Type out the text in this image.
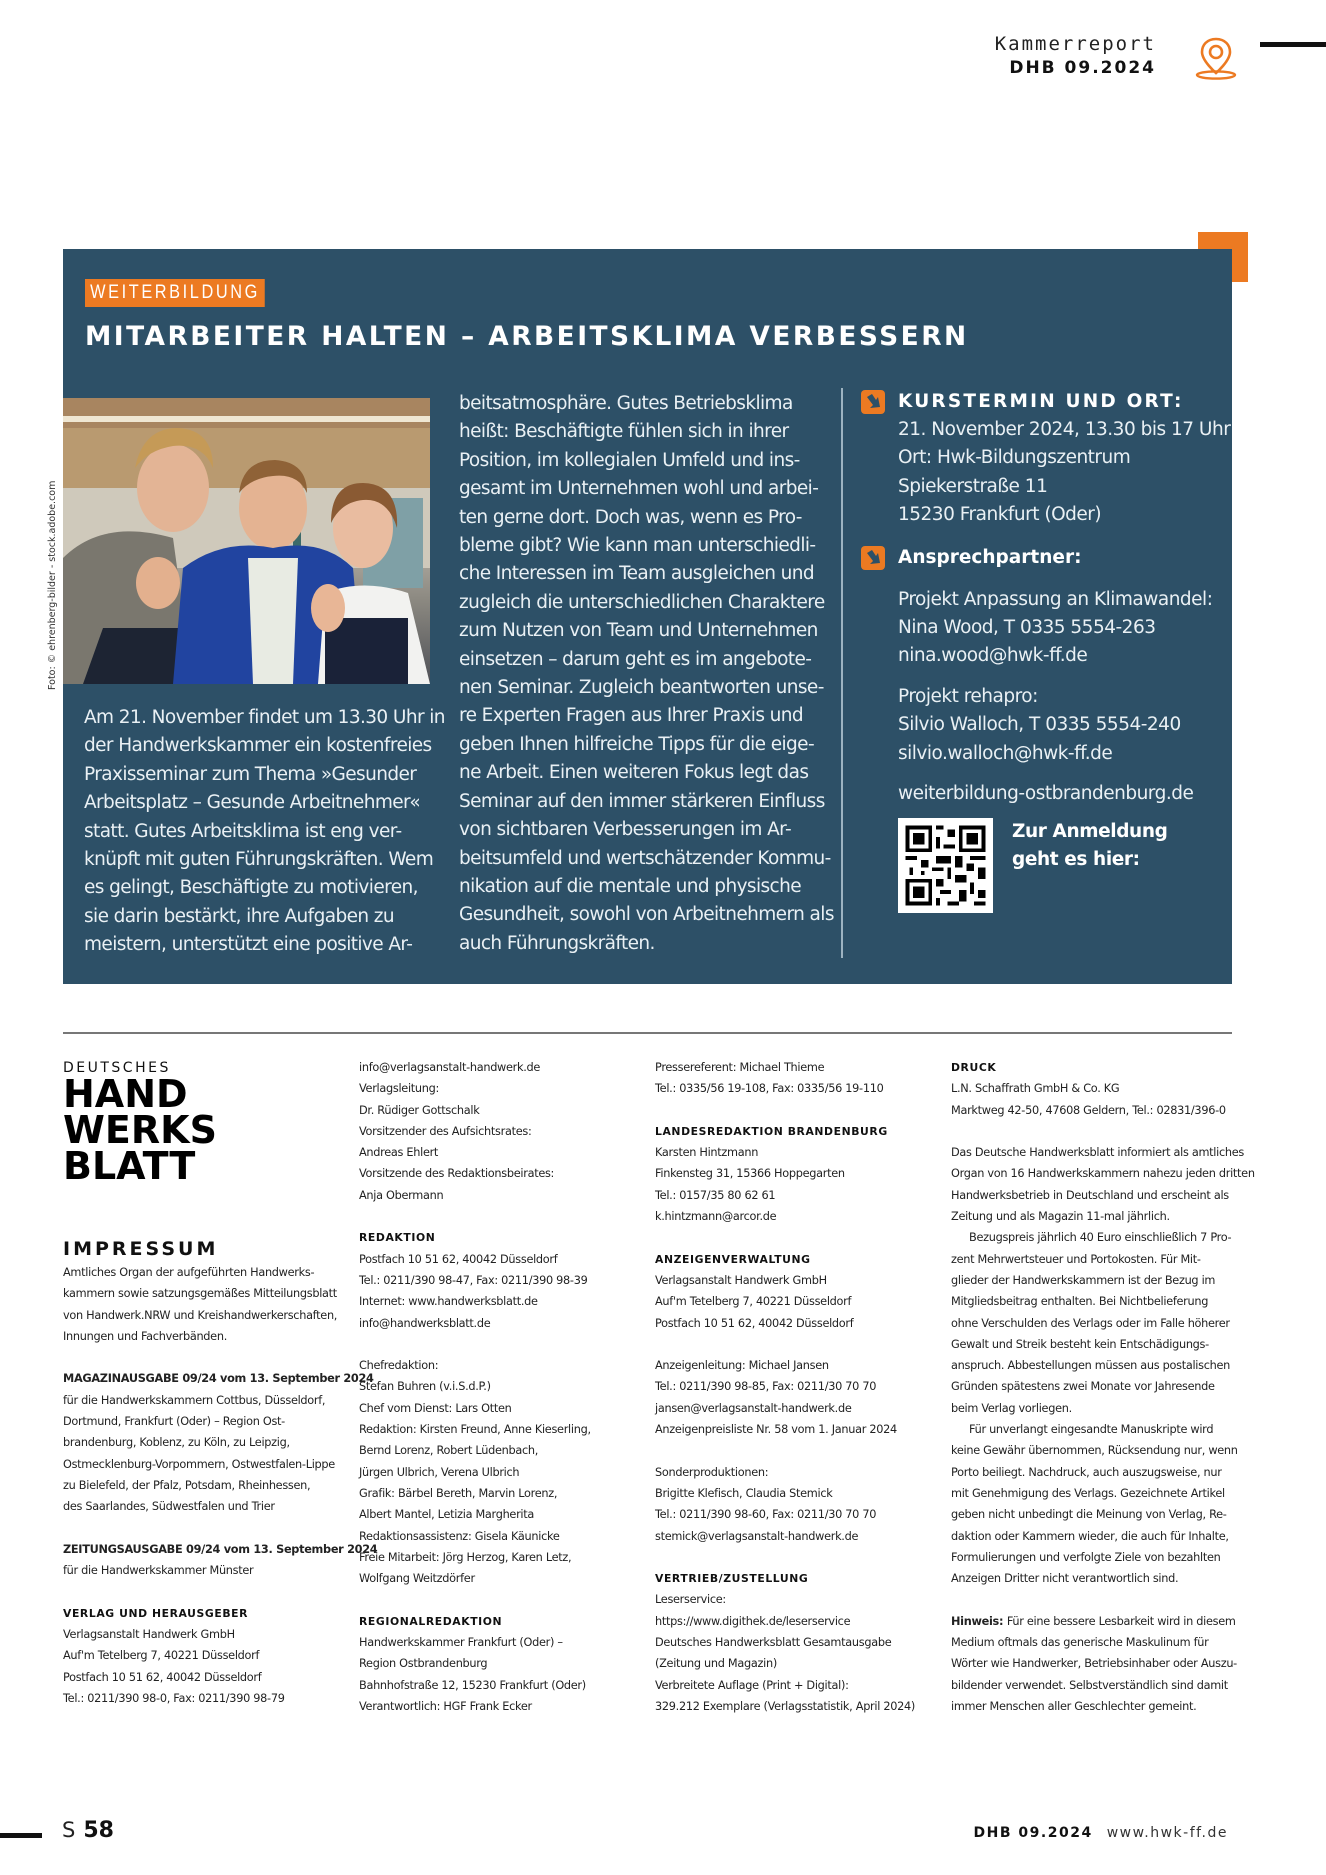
Kammerreport
DHB 09.2024
WEITERBILDUNG
MITARBEITER HALTEN – ARBEITSKLIMA VERBESSERN

Am 21. November findet um 13.30 Uhr in

der Handwerkskammer ein kostenfreies

Praxisseminar zum Thema »Gesunder

Arbeitsplatz – Gesunde Arbeitnehmer«

statt. Gutes Arbeitsklima ist eng ver-

knüpft mit guten Führungskräften. Wem

es gelingt, Beschäftigte zu motivieren,

sie darin bestärkt, ihre Aufgaben zu

meistern, unterstützt eine positive Ar-

beitsatmosphäre. Gutes Betriebsklima

heißt: Beschäftigte fühlen sich in ihrer

Position, im kollegialen Umfeld und ins-

gesamt im Unternehmen wohl und arbei-

ten gerne dort. Doch was, wenn es Pro-

bleme gibt? Wie kann man unterschiedli-

che Interessen im Team ausgleichen und

zugleich die unterschiedlichen Charaktere

zum Nutzen von Team und Unternehmen

einsetzen – darum geht es im angebote-

nen Seminar. Zugleich beantworten unse-

re Experten Fragen aus Ihrer Praxis und

geben Ihnen hilfreiche Tipps für die eige-

ne Arbeit. Einen weiteren Fokus legt das

Seminar auf den immer stärkeren Einfluss

von sichtbaren Verbesserungen im Ar-

beitsumfeld und wertschätzender Kommu-

nikation auf die mentale und physische

Gesundheit, sowohl von Arbeitnehmern als

auch Führungskräften.

KURSTERMIN UND ORT:
21. November 2024, 13.30 bis 17 Uhr
Ort: Hwk-Bildungszentrum
Spiekerstraße 11
15230 Frankfurt (Oder)
Ansprechpartner:
Projekt Anpassung an Klimawandel:
Nina Wood, T 0335 5554-263
nina.wood@hwk-ff.de
Projekt rehapro:
Silvio Walloch, T 0335 5554-240
silvio.walloch@hwk-ff.de
weiterbildung-ostbrandenburg.de
Zur Anmeldung
geht es hier:
Foto: © ehrenberg-bilder - stock.adobe.com
DEUTSCHES
HAND
WERKS
BLATT
IMPRESSUM
Amtliches Organ der aufgeführten Handwerks-
kammern sowie satzungsgemäßes Mitteilungsblatt
von Handwerk.NRW und Kreishandwerkerschaften,
Innungen und Fachverbänden.
MAGAZINAUSGABE 09/24 vom 13. September 2024
für die Handwerkskammern Cottbus, Düsseldorf,
Dortmund, Frankfurt (Oder) – Region Ost-
brandenburg, Koblenz, zu Köln, zu Leipzig,
Ostmecklenburg-Vorpommern, Ostwestfalen-Lippe
zu Bielefeld, der Pfalz, Potsdam, Rheinhessen,
des Saarlandes, Südwestfalen und Trier
ZEITUNGSAUSGABE 09/24 vom 13. September 2024
für die Handwerkskammer Münster
VERLAG UND HERAUSGEBER
Verlagsanstalt Handwerk GmbH
Auf'm Tetelberg 7, 40221 Düsseldorf
Postfach 10 51 62, 40042 Düsseldorf
Tel.: 0211/390 98-0, Fax: 0211/390 98-79
info@verlagsanstalt-handwerk.de
Verlagsleitung:
Dr. Rüdiger Gottschalk
Vorsitzender des Aufsichtsrates:
Andreas Ehlert
Vorsitzende des Redaktionsbeirates:
Anja Obermann
REDAKTION
Postfach 10 51 62, 40042 Düsseldorf
Tel.: 0211/390 98-47, Fax: 0211/390 98-39
Internet: www.handwerksblatt.de
info@handwerksblatt.de
Chefredaktion:
Stefan Buhren (v.i.S.d.P.)
Chef vom Dienst: Lars Otten
Redaktion: Kirsten Freund, Anne Kieserling,
Bernd Lorenz, Robert Lüdenbach,
Jürgen Ulbrich, Verena Ulbrich
Grafik: Bärbel Bereth, Marvin Lorenz,
Albert Mantel, Letizia Margherita
Redaktionsassistenz: Gisela Käunicke
Freie Mitarbeit: Jörg Herzog, Karen Letz,
Wolfgang Weitzdörfer
REGIONALREDAKTION
Handwerkskammer Frankfurt (Oder) –
Region Ostbrandenburg
Bahnhofstraße 12, 15230 Frankfurt (Oder)
Verantwortlich: HGF Frank Ecker
Pressereferent: Michael Thieme
Tel.: 0335/56 19-108, Fax: 0335/56 19-110
LANDESREDAKTION BRANDENBURG
Karsten Hintzmann
Finkensteg 31, 15366 Hoppegarten
Tel.: 0157/35 80 62 61
k.hintzmann@arcor.de
ANZEIGENVERWALTUNG
Verlagsanstalt Handwerk GmbH
Auf'm Tetelberg 7, 40221 Düsseldorf
Postfach 10 51 62, 40042 Düsseldorf
Anzeigenleitung: Michael Jansen
Tel.: 0211/390 98-85, Fax: 0211/30 70 70
jansen@verlagsanstalt-handwerk.de
Anzeigenpreisliste Nr. 58 vom 1. Januar 2024
Sonderproduktionen:
Brigitte Klefisch, Claudia Stemick
Tel.: 0211/390 98-60, Fax: 0211/30 70 70
stemick@verlagsanstalt-handwerk.de
VERTRIEB/ZUSTELLUNG
Leserservice:
https://www.digithek.de/leserservice
Deutsches Handwerksblatt Gesamtausgabe
(Zeitung und Magazin)
Verbreitete Auflage (Print + Digital):
329.212 Exemplare (Verlagsstatistik, April 2024)
DRUCK
L.N. Schaffrath GmbH & Co. KG
Marktweg 42-50, 47608 Geldern, Tel.: 02831/396-0
Das Deutsche Handwerksblatt informiert als amtliches
Organ von 16 Handwerkskammern nahezu jeden dritten
Handwerksbetrieb in Deutschland und erscheint als
Zeitung und als Magazin 11-mal jährlich.
Bezugspreis jährlich 40 Euro einschließlich 7 Pro-
zent Mehrwertsteuer und Portokosten. Für Mit-
glieder der Handwerkskammern ist der Bezug im
Mitgliedsbeitrag enthalten. Bei Nichtbelieferung
ohne Verschulden des Verlags oder im Falle höherer
Gewalt und Streik besteht kein Entschädigungs-
anspruch. Abbestellungen müssen aus postalischen
Gründen spätestens zwei Monate vor Jahresende
beim Verlag vorliegen.
Für unverlangt eingesandte Manuskripte wird
keine Gewähr übernommen, Rücksendung nur, wenn
Porto beiliegt. Nachdruck, auch auszugsweise, nur
mit Genehmigung des Verlags. Gezeichnete Artikel
geben nicht unbedingt die Meinung von Verlag, Re-
daktion oder Kammern wieder, die auch für Inhalte,
Formulierungen und verfolgte Ziele von bezahlten
Anzeigen Dritter nicht verantwortlich sind.
Hinweis: Für eine bessere Lesbarkeit wird in diesem
Medium oftmals das generische Maskulinum für
Wörter wie Handwerker, Betriebsinhaber oder Auszu-
bildender verwendet. Selbstverständlich sind damit
immer Menschen aller Geschlechter gemeint.
S 58	DHB 09.2024 www.hwk-ff.de
